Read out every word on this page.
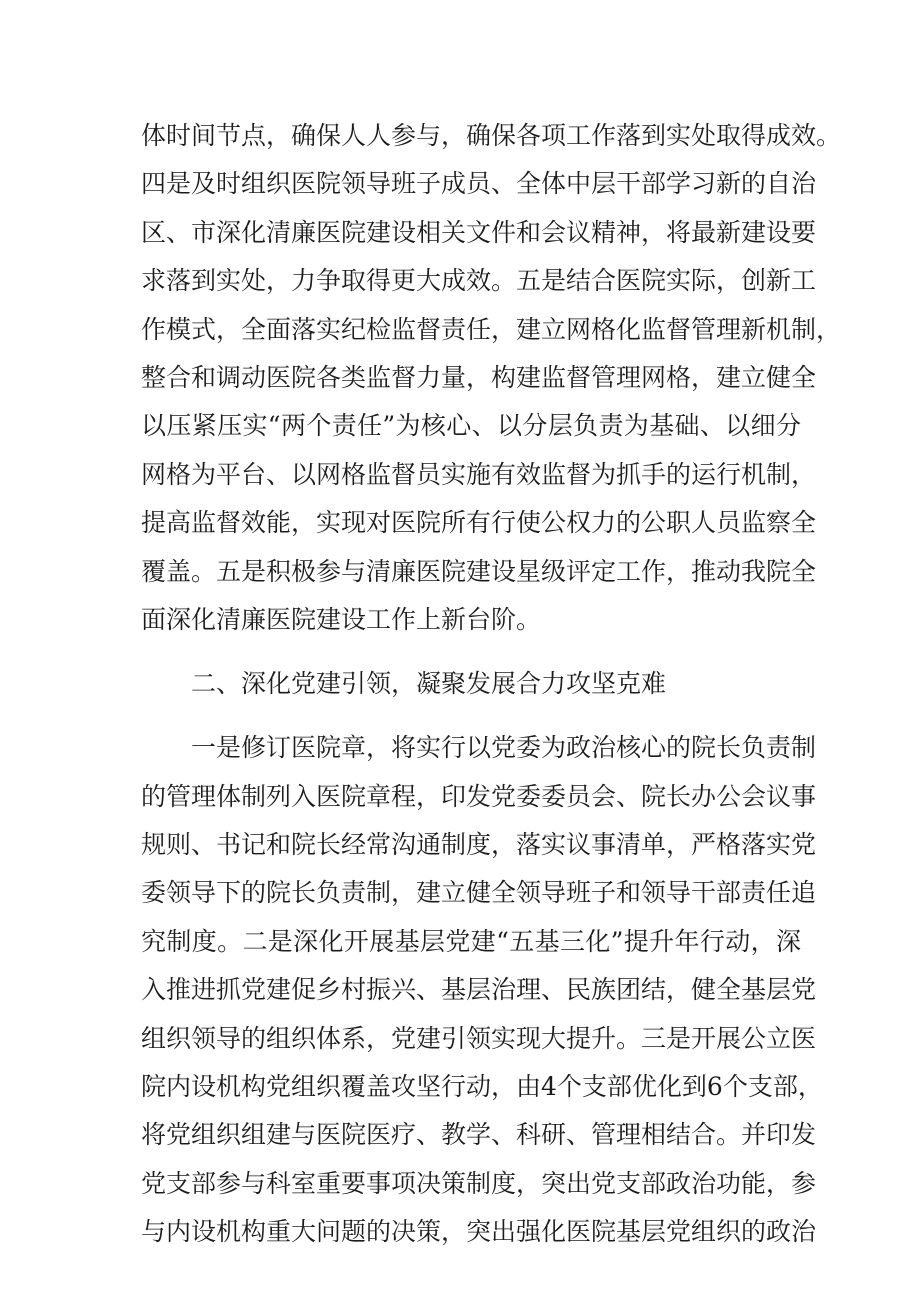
体时间节点，确保人人参与，确保各项工作落到实处取得成效。
四是及时组织医院领导班子成员、全体中层干部学习新的自治
区、市深化清廉医院建设相关文件和会议精神，将最新建设要
求落到实处，力争取得更大成效。五是结合医院实际，创新工
作模式，全面落实纪检监督责任，建立网格化监督管理新机制，
整合和调动医院各类监督力量，构建监督管理网格，建立健全
以压紧压实“两个责任”为核心、以分层负责为基础、以细分
网格为平台、以网格监督员实施有效监督为抓手的运行机制，
提高监督效能，实现对医院所有行使公权力的公职人员监察全
覆盖。五是积极参与清廉医院建设星级评定工作，推动我院全
面深化清廉医院建设工作上新台阶。
二、深化党建引领，凝聚发展合力攻坚克难
一是修订医院章，将实行以党委为政治核心的院长负责制
的管理体制列入医院章程，印发党委委员会、院长办公会议事
规则、书记和院长经常沟通制度，落实议事清单，严格落实党
委领导下的院长负责制，建立健全领导班子和领导干部责任追
究制度。二是深化开展基层党建“五基三化”提升年行动，深
入推进抓党建促乡村振兴、基层治理、民族团结，健全基层党
组织领导的组织体系，党建引领实现大提升。三是开展公立医
院内设机构党组织覆盖攻坚行动，由4个支部优化到6个支部，
将党组织组建与医院医疗、教学、科研、管理相结合。并印发
党支部参与科室重要事项决策制度，突出党支部政治功能，参
与内设机构重大问题的决策，突出强化医院基层党组织的政治
